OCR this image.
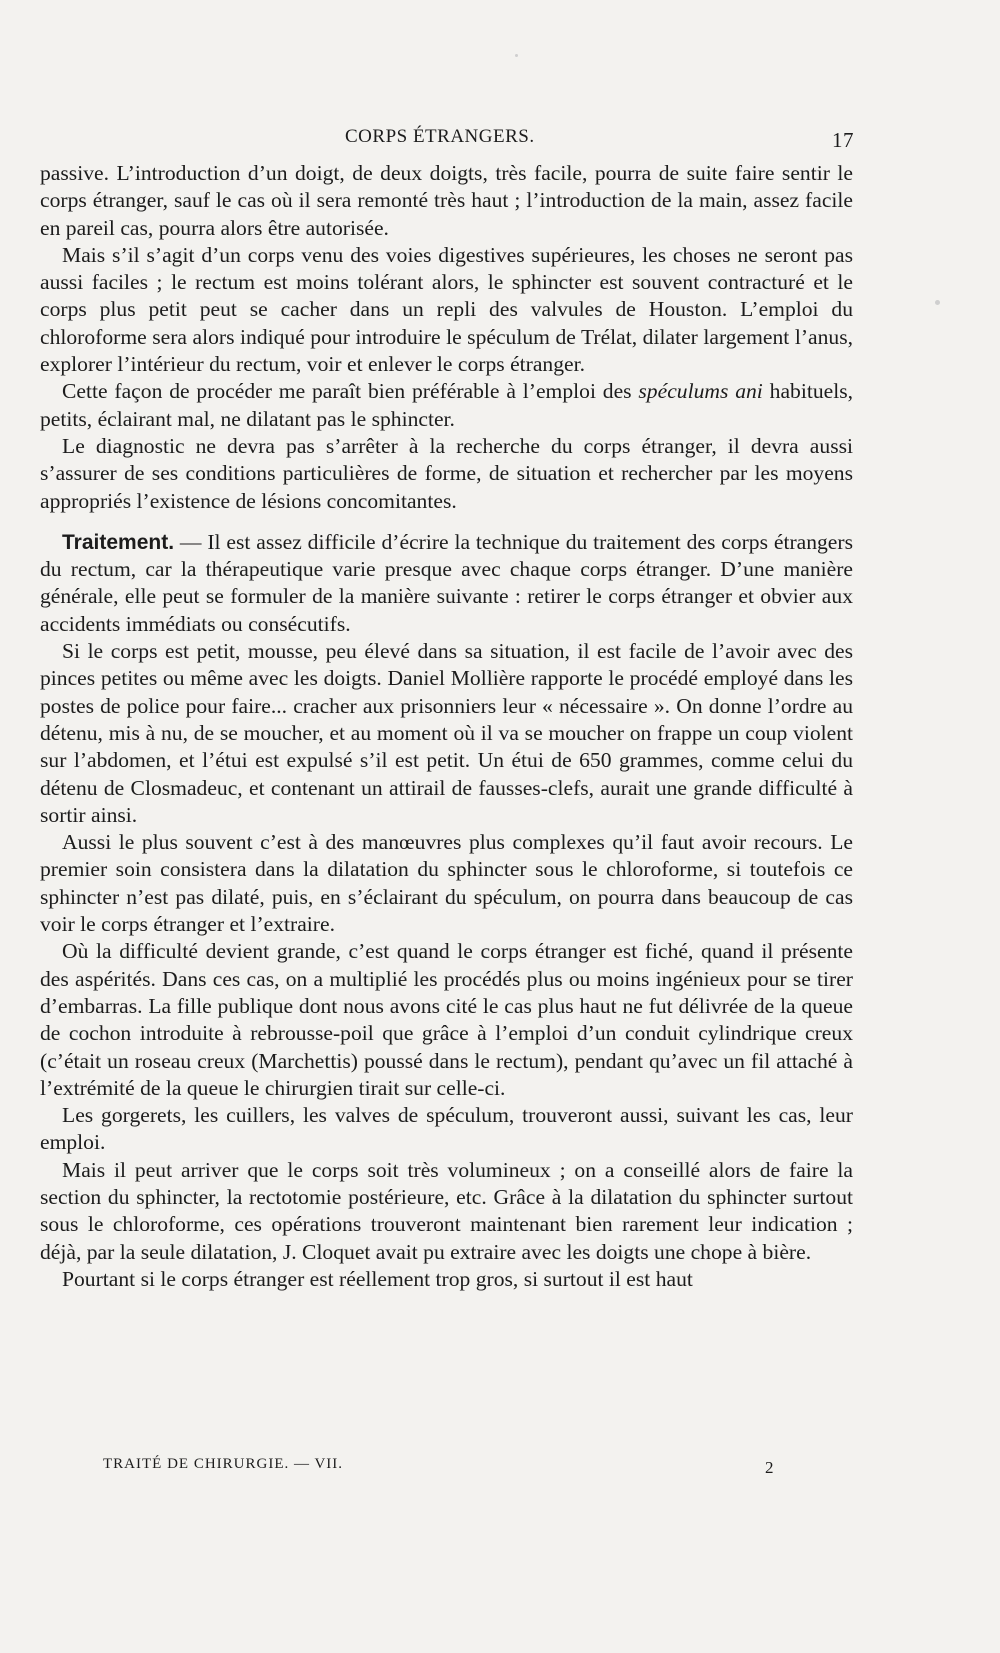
CORPS ÉTRANGERS.	17

passive. L’introduction d’un doigt, de deux doigts, très facile, pourra de suite faire sentir le corps étranger, sauf le cas où il sera remonté très haut ; l’introduction de la main, assez facile en pareil cas, pourra alors être autorisée.

Mais s’il s’agit d’un corps venu des voies digestives supérieures, les choses ne seront pas aussi faciles ; le rectum est moins tolérant alors, le sphincter est souvent contracturé et le corps plus petit peut se cacher dans un repli des valvules de Houston. L’emploi du chloroforme sera alors indiqué pour introduire le spéculum de Trélat, dilater largement l’anus, explorer l’intérieur du rectum, voir et enlever le corps étranger.

Cette façon de procéder me paraît bien préférable à l’emploi des spéculums ani habituels, petits, éclairant mal, ne dilatant pas le sphincter.

Le diagnostic ne devra pas s’arrêter à la recherche du corps étranger, il devra aussi s’assurer de ses conditions particulières de forme, de situation et rechercher par les moyens appropriés l’existence de lésions concomitantes.

Traitement. — Il est assez difficile d’écrire la technique du traitement des corps étrangers du rectum, car la thérapeutique varie presque avec chaque corps étranger. D’une manière générale, elle peut se formuler de la manière suivante : retirer le corps étranger et obvier aux accidents immédiats ou consécutifs.

Si le corps est petit, mousse, peu élevé dans sa situation, il est facile de l’avoir avec des pinces petites ou même avec les doigts. Daniel Mollière rapporte le procédé employé dans les postes de police pour faire... cracher aux prisonniers leur « nécessaire ». On donne l’ordre au détenu, mis à nu, de se moucher, et au moment où il va se moucher on frappe un coup violent sur l’abdomen, et l’étui est expulsé s’il est petit. Un étui de 650 grammes, comme celui du détenu de Closmadeuc, et contenant un attirail de fausses-clefs, aurait une grande difficulté à sortir ainsi.

Aussi le plus souvent c’est à des manœuvres plus complexes qu’il faut avoir recours. Le premier soin consistera dans la dilatation du sphincter sous le chloroforme, si toutefois ce sphincter n’est pas dilaté, puis, en s’éclairant du spéculum, on pourra dans beaucoup de cas voir le corps étranger et l’extraire.

Où la difficulté devient grande, c’est quand le corps étranger est fiché, quand il présente des aspérités. Dans ces cas, on a multiplié les procédés plus ou moins ingénieux pour se tirer d’embarras. La fille publique dont nous avons cité le cas plus haut ne fut délivrée de la queue de cochon introduite à rebrousse-poil que grâce à l’emploi d’un conduit cylindrique creux (c’était un roseau creux (Marchettis) poussé dans le rectum), pendant qu’avec un fil attaché à l’extrémité de la queue le chirurgien tirait sur celle-ci.

Les gorgerets, les cuillers, les valves de spéculum, trouveront aussi, suivant les cas, leur emploi.

Mais il peut arriver que le corps soit très volumineux ; on a conseillé alors de faire la section du sphincter, la rectotomie postérieure, etc. Grâce à la dilatation du sphincter surtout sous le chloroforme, ces opérations trouveront maintenant bien rarement leur indication ; déjà, par la seule dilatation, J. Cloquet avait pu extraire avec les doigts une chope à bière.

Pourtant si le corps étranger est réellement trop gros, si surtout il est haut

TRAITÉ DE CHIRURGIE. — VII.	2
